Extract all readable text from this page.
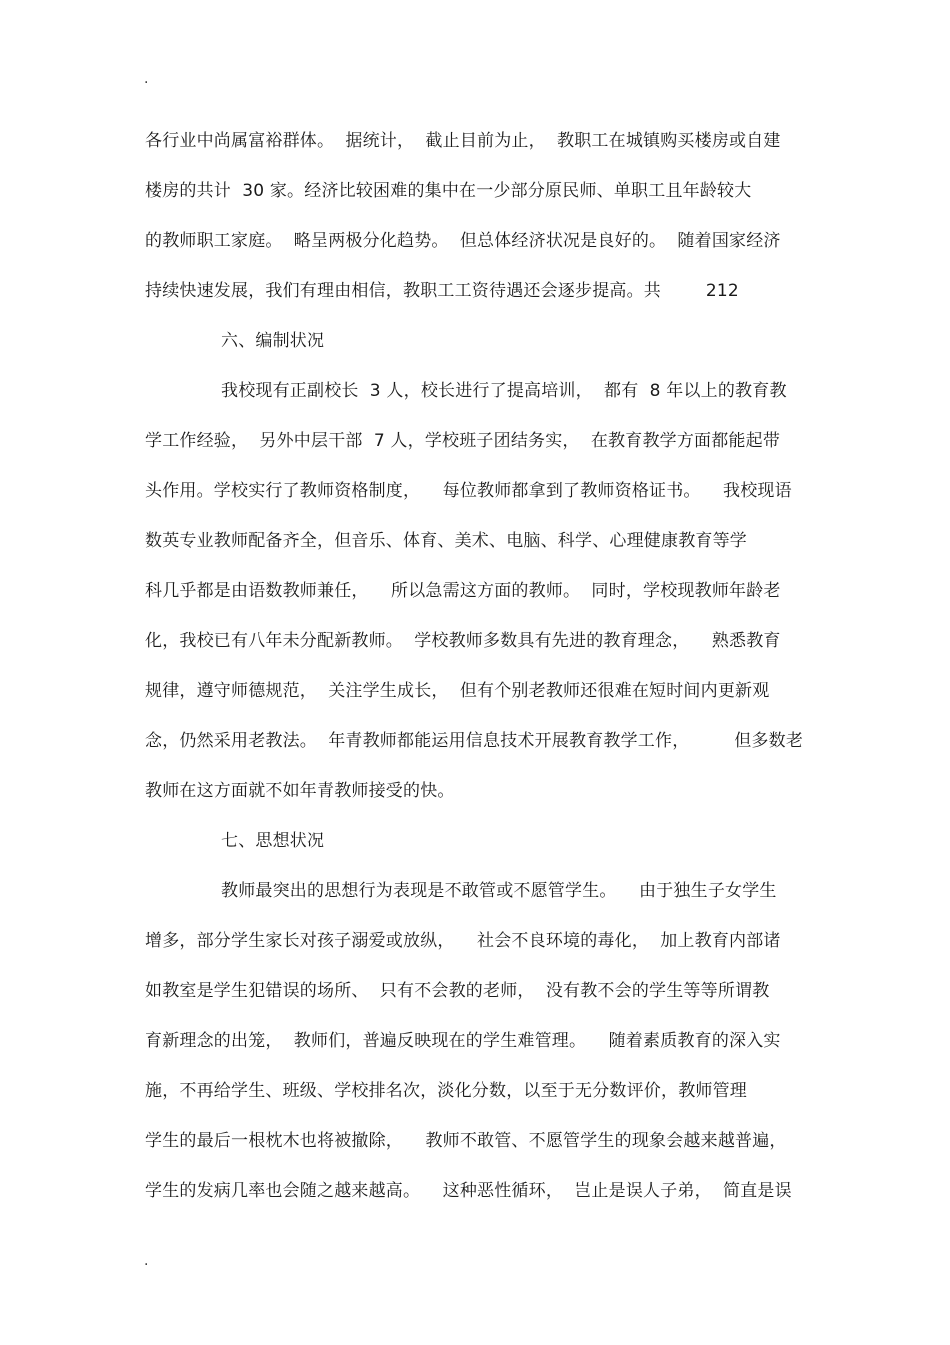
.
各行业中尚属富裕群体。  据统计，  截止目前为止，  教职工在城镇购买楼房或自建
楼房的共计  30 家。经济比较困难的集中在一少部分原民师、单职工且年龄较大
的教师职工家庭。  略呈两极分化趋势。  但总体经济状况是良好的。  随着国家经济
持续快速发展，我们有理由相信，教职工工资待遇还会逐步提高。共        212
六、编制状况
我校现有正副校长  3 人，校长进行了提高培训，  都有  8 年以上的教育教
学工作经验，  另外中层干部  7 人，学校班子团结务实，  在教育教学方面都能起带
头作用。学校实行了教师资格制度，    每位教师都拿到了教师资格证书。    我校现语
数英专业教师配备齐全，但音乐、体育、美术、电脑、科学、心理健康教育等学
科几乎都是由语数教师兼任，    所以急需这方面的教师。  同时，学校现教师年龄老
化，我校已有八年未分配新教师。  学校教师多数具有先进的教育理念，    熟悉教育
规律，遵守师德规范，  关注学生成长，  但有个别老教师还很难在短时间内更新观
念，仍然采用老教法。  年青教师都能运用信息技术开展教育教学工作，        但多数老
教师在这方面就不如年青教师接受的快。
七、思想状况
教师最突出的思想行为表现是不敢管或不愿管学生。    由于独生子女学生
增多，部分学生家长对孩子溺爱或放纵，    社会不良环境的毒化，  加上教育内部诸
如教室是学生犯错误的场所、  只有不会教的老师，  没有教不会的学生等等所谓教
育新理念的出笼，  教师们，普遍反映现在的学生难管理。    随着素质教育的深入实
施，不再给学生、班级、学校排名次，淡化分数，以至于无分数评价，教师管理
学生的最后一根枕木也将被撤除，    教师不敢管、不愿管学生的现象会越来越普遍，
学生的发病几率也会随之越来越高。    这种恶性循环，  岂止是误人子弟，  简直是误
.
